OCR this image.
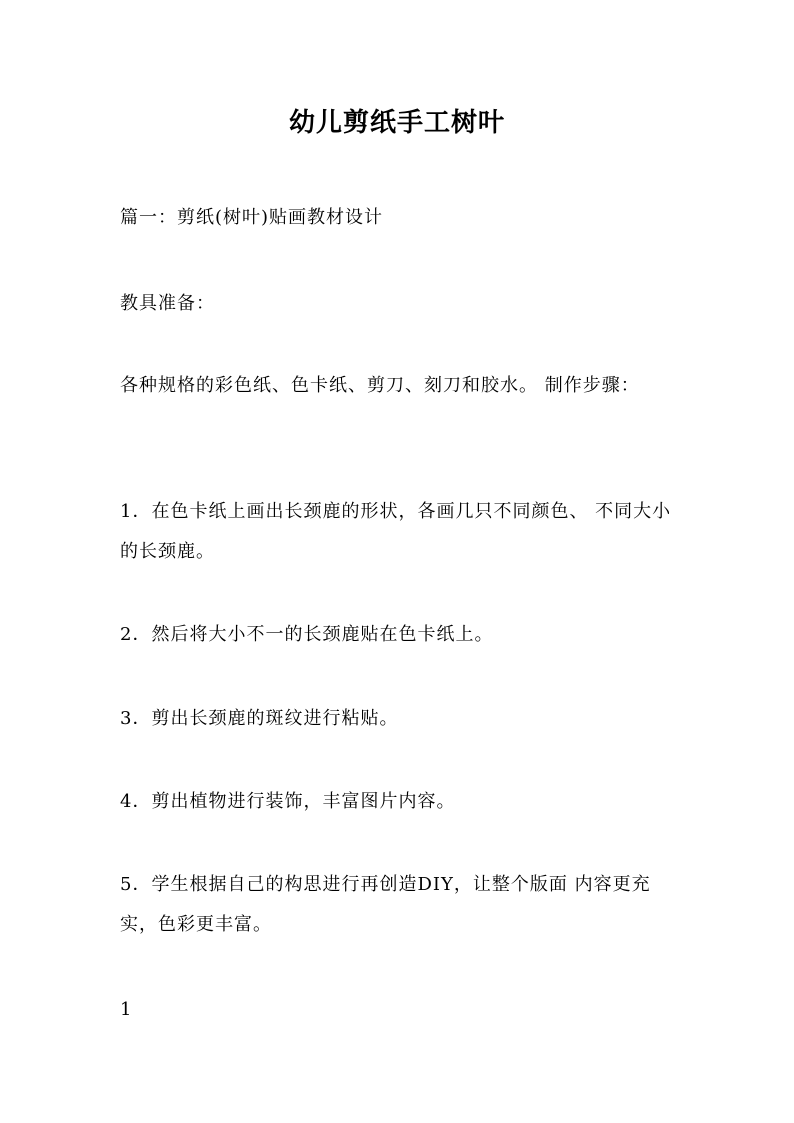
幼儿剪纸手工树叶
篇一：剪纸(树叶)贴画教材设计
教具准备：
各种规格的彩色纸、色卡纸、剪刀、刻刀和胶水。 制作步骤：
1．在色卡纸上画出长颈鹿的形状，各画几只不同颜色、 不同大小的长颈鹿。
2．然后将大小不一的长颈鹿贴在色卡纸上。
3．剪出长颈鹿的斑纹进行粘贴。
4．剪出植物进行装饰，丰富图片内容。
5．学生根据自己的构思进行再创造DIY，让整个版面 内容更充实，色彩更丰富。
1
